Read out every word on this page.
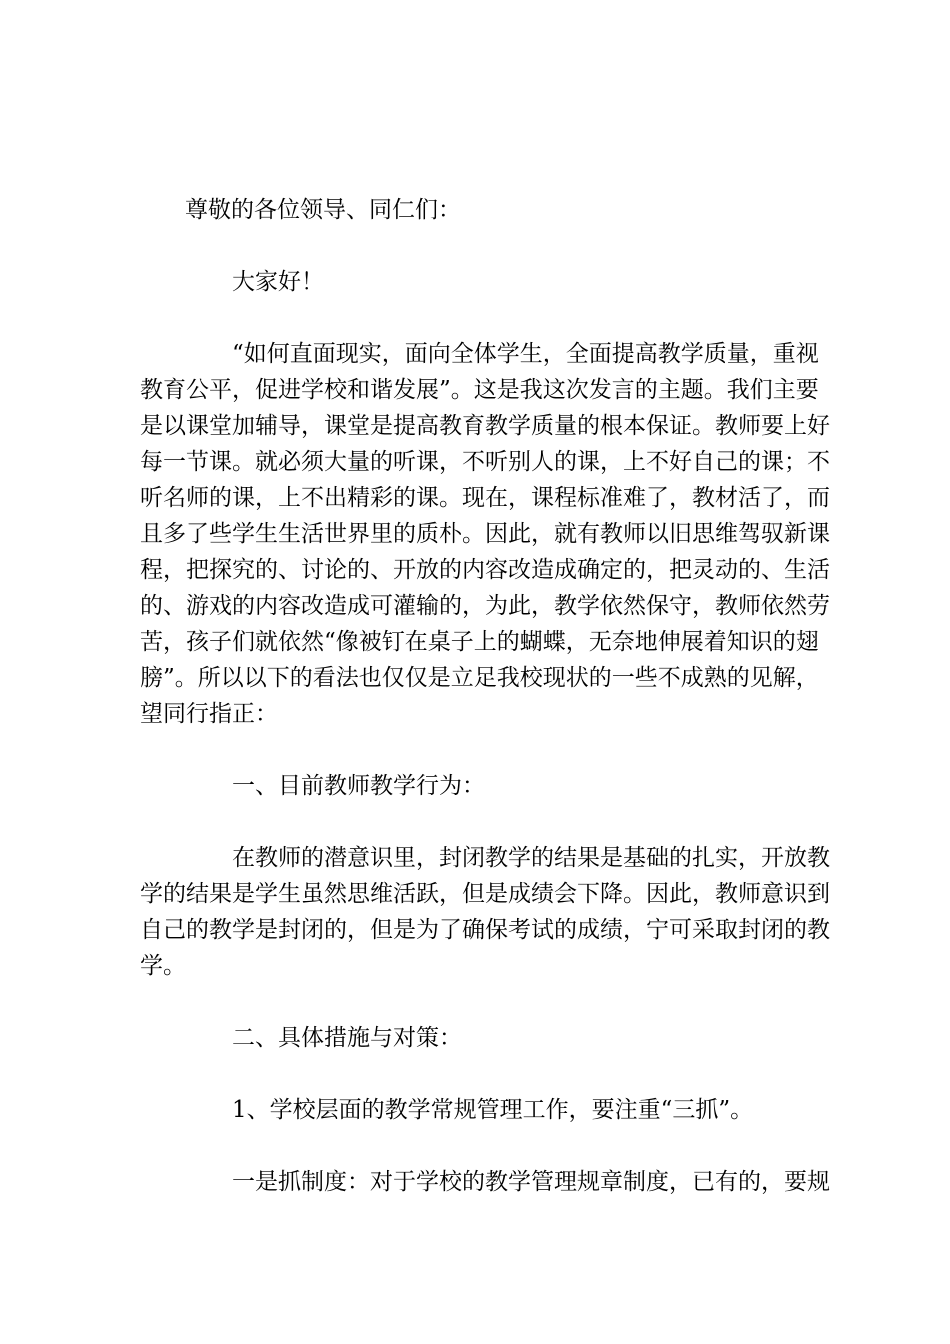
尊敬的各位领导、同仁们：
大家好！
“如何直面现实，面向全体学生，全面提高教学质量，重视
教育公平，促进学校和谐发展”。这是我这次发言的主题。我们主要
是以课堂加辅导，课堂是提高教育教学质量的根本保证。教师要上好
每一节课。就必须大量的听课，不听别人的课，上不好自己的课；不
听名师的课，上不出精彩的课。现在，课程标准难了，教材活了，而
且多了些学生生活世界里的质朴。因此，就有教师以旧思维驾驭新课
程，把探究的、讨论的、开放的内容改造成确定的，把灵动的、生活
的、游戏的内容改造成可灌输的，为此，教学依然保守，教师依然劳
苦，孩子们就依然“像被钉在桌子上的蝴蝶，无奈地伸展着知识的翅
膀”。所以以下的看法也仅仅是立足我校现状的一些不成熟的见解，
望同行指正：
一、目前教师教学行为：
在教师的潜意识里，封闭教学的结果是基础的扎实，开放教
学的结果是学生虽然思维活跃，但是成绩会下降。因此，教师意识到
自己的教学是封闭的，但是为了确保考试的成绩，宁可采取封闭的教
学。
二、具体措施与对策：
1、学校层面的教学常规管理工作，要注重“三抓”。
一是抓制度：对于学校的教学管理规章制度，已有的，要规
